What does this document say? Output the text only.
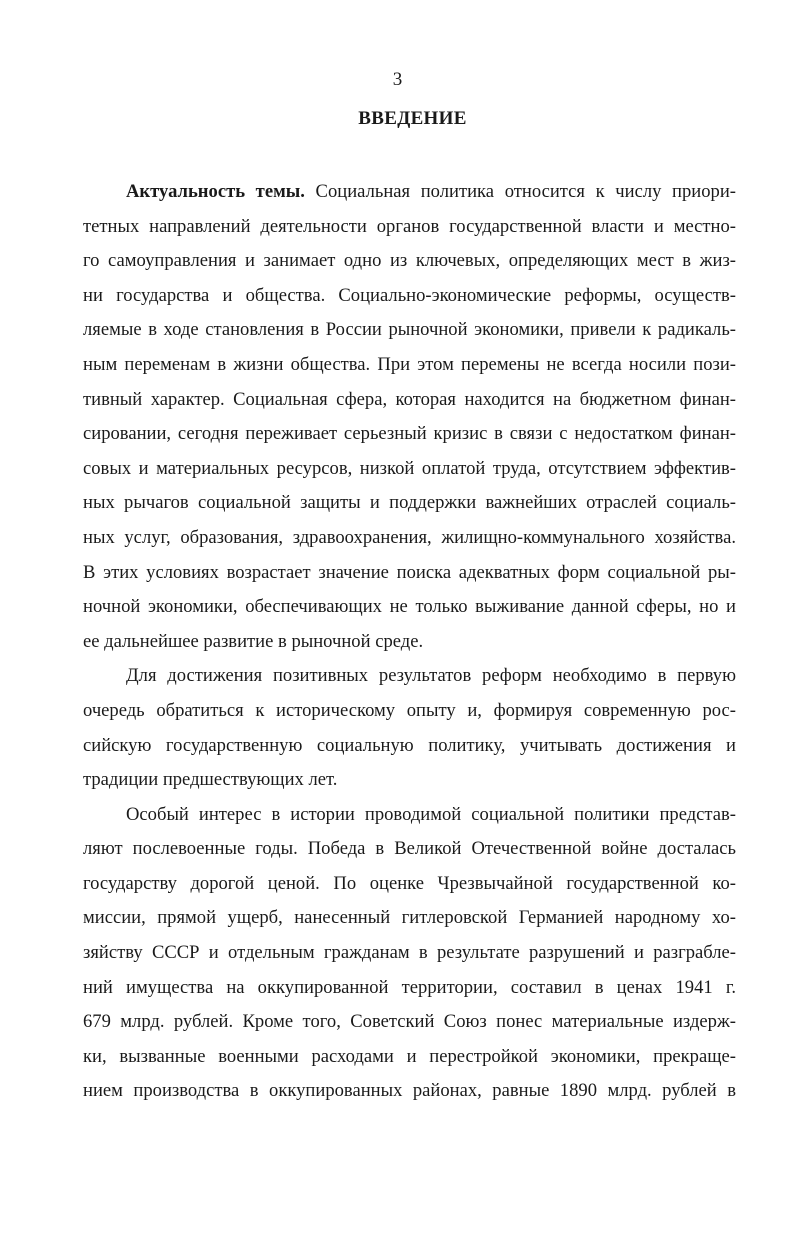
3
ВВЕДЕНИЕ
Актуальность темы. Социальная политика относится к числу приори-
тетных направлений деятельности органов государственной власти и местно-
го самоуправления и занимает одно из ключевых, определяющих мест в жиз-
ни государства и общества. Социально-экономические реформы, осуществ-
ляемые в ходе становления в России рыночной экономики, привели к радикаль-
ным переменам в жизни общества. При этом перемены не всегда носили пози-
тивный характер. Социальная сфера, которая находится на бюджетном финан-
сировании, сегодня переживает серьезный кризис в связи с недостатком финан-
совых и материальных ресурсов, низкой оплатой труда, отсутствием эффектив-
ных рычагов социальной защиты и поддержки важнейших отраслей социаль-
ных услуг, образования, здравоохранения, жилищно-коммунального хозяйства.
В этих условиях возрастает значение поиска адекватных форм социальной ры-
ночной экономики, обеспечивающих не только выживание данной сферы, но и
ее дальнейшее развитие в рыночной среде.
Для достижения позитивных результатов реформ необходимо в первую
очередь обратиться к историческому опыту и, формируя современную рос-
сийскую государственную социальную политику, учитывать достижения и
традиции предшествующих лет.
Особый интерес в истории проводимой социальной политики представ-
ляют послевоенные годы. Победа в Великой Отечественной войне досталась
государству дорогой ценой. По оценке Чрезвычайной государственной ко-
миссии, прямой ущерб, нанесенный гитлеровской Германией народному хо-
зяйству СССР и отдельным гражданам в результате разрушений и разграбле-
ний имущества на оккупированной территории, составил в ценах 1941 г.
679 млрд. рублей. Кроме того, Советский Союз понес материальные издерж-
ки, вызванные военными расходами и перестройкой экономики, прекраще-
нием производства в оккупированных районах, равные 1890 млрд. рублей в
